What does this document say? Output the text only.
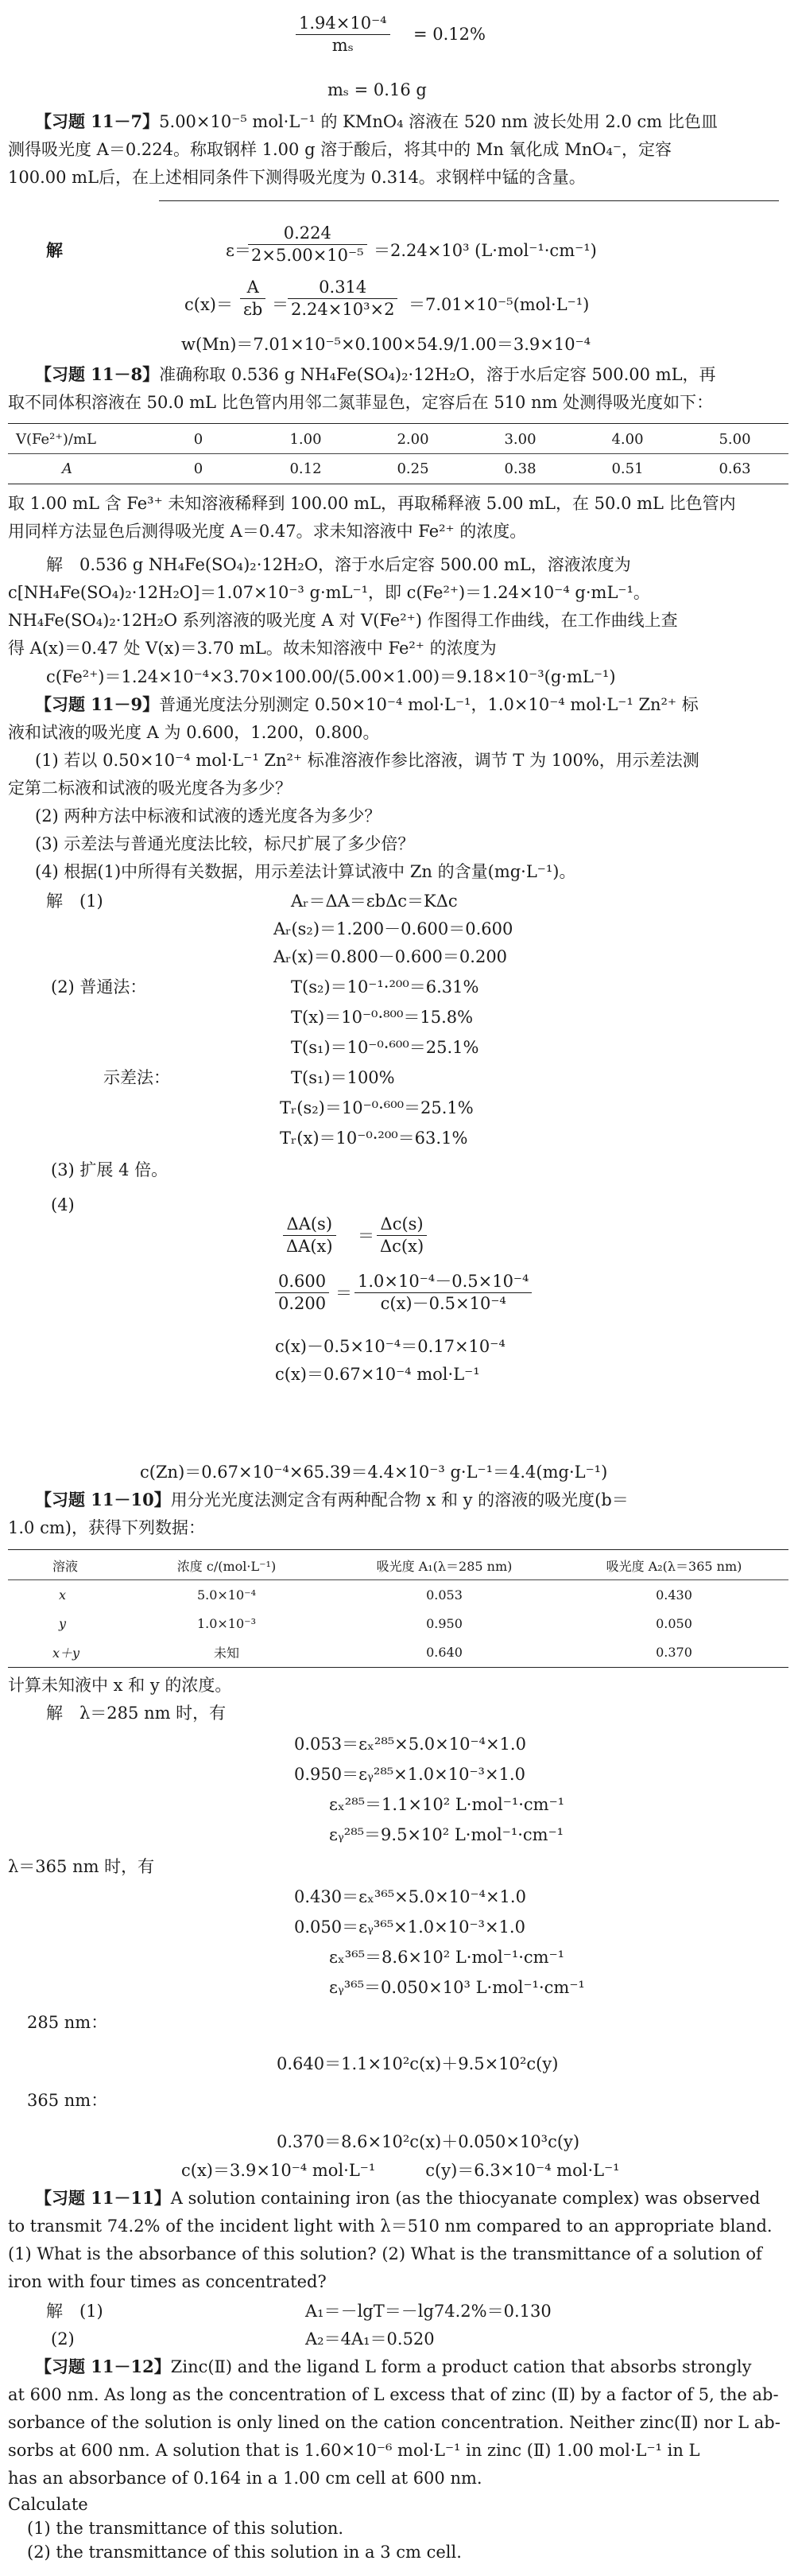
$\frac{\text{1.94×10⁻⁴}}{\text{mₛ}} = 0.12\%$
mₛ = 0.16 g
【习题 11－7】5.00×10⁻⁵ mol·L⁻¹ 的 KMnO₄ 溶液在 520 nm 波长处用 2.0 cm 比色皿
测得吸光度 A＝0.224。称取钢样 1.00 g 溶于酸后，将其中的 Mn 氧化成 MnO₄⁻，定容
100.00 mL后，在上述相同条件下测得吸光度为 0.314。求钢样中锰的含量。
解	ε＝
$\frac{0.224}{\text{2×5.00×10⁻⁵}} =2.24\times 10^3$ (L·mol⁻¹·cm⁻¹)
$c(x)= \frac{A}{\varepsilon b} = \frac{0.314}{\text{2.24×10³×2}} =7.01\times 10^{-5}(mol\cdot L^{-1})$
w(Mn)＝7.01×10⁻⁵×0.100×54.9/1.00＝3.9×10⁻⁴
【习题 11－8】准确称取 0.536 g NH₄Fe(SO₄)₂·12H₂O，溶于水后定容 500.00 mL，再
取不同体积溶液在 50.0 mL 比色管内用邻二氮菲显色，定容后在 510 nm 处测得吸光度如下：
V(Fe²⁺)/mL	0	1.00	2.00	3.00	4.00	5.00
A	0	0.12	0.25	0.38	0.51	0.63
取 1.00 mL 含 Fe³⁺ 未知溶液稀释到 100.00 mL，再取稀释液 5.00 mL，在 50.0 mL 比色管内
用同样方法显色后测得吸光度 A＝0.47。求未知溶液中 Fe²⁺ 的浓度。
解　0.536 g NH₄Fe(SO₄)₂·12H₂O，溶于水后定容 500.00 mL，溶液浓度为
c[NH₄Fe(SO₄)₂·12H₂O]＝1.07×10⁻³ g·mL⁻¹，即 c(Fe²⁺)＝1.24×10⁻⁴ g·mL⁻¹。
NH₄Fe(SO₄)₂·12H₂O 系列溶液的吸光度 A 对 V(Fe²⁺) 作图得工作曲线，在工作曲线上查
得 A(x)＝0.47 处 V(x)＝3.70 mL。故未知溶液中 Fe²⁺ 的浓度为
c(Fe²⁺)＝1.24×10⁻⁴×3.70×100.00/(5.00×1.00)＝9.18×10⁻³(g·mL⁻¹)
【习题 11－9】普通光度法分别测定 0.50×10⁻⁴ mol·L⁻¹，1.0×10⁻⁴ mol·L⁻¹ Zn²⁺ 标
液和试液的吸光度 A 为 0.600，1.200，0.800。
(1) 若以 0.50×10⁻⁴ mol·L⁻¹ Zn²⁺ 标准溶液作参比溶液，调节 T 为 100%，用示差法测
定第二标液和试液的吸光度各为多少？
(2) 两种方法中标液和试液的透光度各为多少？
(3) 示差法与普通光度法比较，标尺扩展了多少倍？
(4) 根据(1)中所得有关数据，用示差法计算试液中 Zn 的含量(mg·L⁻¹)。
解　(1)	Aᵣ＝ΔA＝εbΔc＝KΔc
Aᵣ(s₂)＝1.200－0.600＝0.600
Aᵣ(x)＝0.800－0.600＝0.200
(2) 普通法：	T(s₂)＝10⁻¹·²⁰⁰＝6.31%
T(x)＝10⁻⁰·⁸⁰⁰＝15.8%
T(s₁)＝10⁻⁰·⁶⁰⁰＝25.1%
示差法：	T(s₁)＝100%
Tᵣ(s₂)＝10⁻⁰·⁶⁰⁰＝25.1%
Tᵣ(x)＝10⁻⁰·²⁰⁰＝63.1%
(3) 扩展 4 倍。
(4)
$\frac{\Delta A(s)}{\Delta A(x)} = \frac{\Delta c(s)}{\Delta c(x)}$
$\frac{0.600}{0.200} = \frac{\text{1.0×10⁻⁴－0.5×10⁻⁴}}{\text{c(x)－0.5×10⁻⁴}}$
c(x)－0.5×10⁻⁴＝0.17×10⁻⁴
c(x)＝0.67×10⁻⁴ mol·L⁻¹
c(Zn)＝0.67×10⁻⁴×65.39＝4.4×10⁻³ g·L⁻¹＝4.4(mg·L⁻¹)
【习题 11－10】用分光光度法测定含有两种配合物 x 和 y 的溶液的吸光度(b＝
1.0 cm)，获得下列数据：
溶液	浓度 c/(mol·L⁻¹)	吸光度 A₁(λ＝285 nm)	吸光度 A₂(λ＝365 nm)
x	5.0×10⁻⁴	0.053	0.430
y	1.0×10⁻³	0.950	0.050
x＋y	未知	0.640	0.370
计算未知液中 x 和 y 的浓度。
解　λ＝285 nm 时，有
0.053＝εₓ²⁸⁵×5.0×10⁻⁴×1.0
0.950＝εᵧ²⁸⁵×1.0×10⁻³×1.0
εₓ²⁸⁵＝1.1×10² L·mol⁻¹·cm⁻¹
εᵧ²⁸⁵＝9.5×10² L·mol⁻¹·cm⁻¹
λ＝365 nm 时，有
0.430＝εₓ³⁶⁵×5.0×10⁻⁴×1.0
0.050＝εᵧ³⁶⁵×1.0×10⁻³×1.0
εₓ³⁶⁵＝8.6×10² L·mol⁻¹·cm⁻¹
εᵧ³⁶⁵＝0.050×10³ L·mol⁻¹·cm⁻¹
285 nm：
0.640＝1.1×10²c(x)＋9.5×10²c(y)
365 nm：
0.370＝8.6×10²c(x)＋0.050×10³c(y)
c(x)＝3.9×10⁻⁴ mol·L⁻¹　　　c(y)＝6.3×10⁻⁴ mol·L⁻¹
【习题 11－11】A solution containing iron (as the thiocyanate complex) was observed
to transmit 74.2% of the incident light with λ＝510 nm compared to an appropriate bland.
(1) What is the absorbance of this solution? (2) What is the transmittance of a solution of
iron with four times as concentrated?
解　(1)	A₁＝－lgT＝－lg74.2%＝0.130
(2)	A₂＝4A₁＝0.520
【习题 11－12】Zinc(Ⅱ) and the ligand L form a product cation that absorbs strongly
at 600 nm. As long as the concentration of L excess that of zinc (Ⅱ) by a factor of 5, the ab-
sorbance of the solution is only lined on the cation concentration. Neither zinc(Ⅱ) nor L ab-
sorbs at 600 nm. A solution that is 1.60×10⁻⁶ mol·L⁻¹ in zinc (Ⅱ) 1.00 mol·L⁻¹ in L
has an absorbance of 0.164 in a 1.00 cm cell at 600 nm.
Calculate
(1) the transmittance of this solution.
(2) the transmittance of this solution in a 3 cm cell.
